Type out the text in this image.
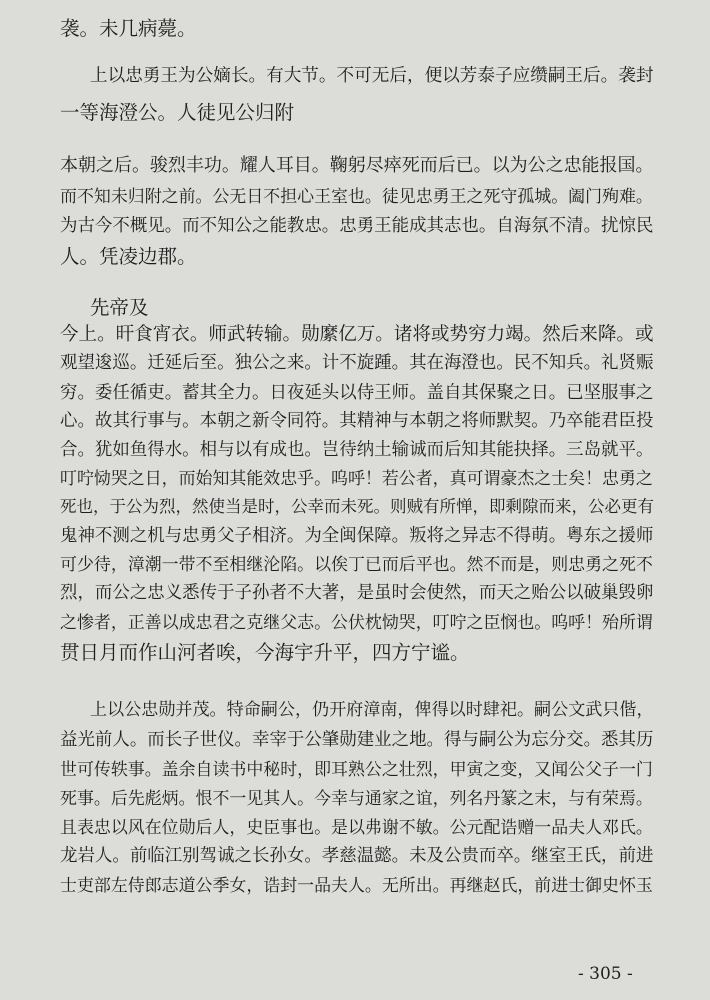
袭。未几病薨。
上以忠勇王为公嫡长。有大节。不可无后，便以芳泰子应缵嗣王后。袭封
一等海澄公。人徒见公归附
本朝之后。骏烈丰功。耀人耳目。鞠躬尽瘁死而后已。以为公之忠能报国。
而不知未归附之前。公无日不担心王室也。徒见忠勇王之死守孤城。阖门殉难。
为古今不概见。而不知公之能教忠。忠勇王能成其志也。自海氛不清。扰惊民
人。凭凌边郡。
先帝及
今上。旰食宵衣。师武转输。勋縻亿万。诸将或势穷力竭。然后来降。或
观望逡巡。迁延后至。独公之来。计不旋踵。其在海澄也。民不知兵。礼贤赈
穷。委任循吏。蓄其全力。日夜延头以侍王师。盖自其保聚之日。已坚服事之
心。故其行事与。本朝之新令同符。其精神与本朝之将师默契。乃卒能君臣投
合。犹如鱼得水。相与以有成也。岂待纳土输诚而后知其能抉择。三岛就平。
叮咛恸哭之日，而始知其能效忠乎。呜呼！若公者，真可谓豪杰之士矣！忠勇之
死也，于公为烈，然使当是时，公幸而未死。则贼有所惮，即剩隙而来，公必更有
鬼神不测之机与忠勇父子相济。为全闽保障。叛将之异志不得萌。粤东之援师
可少待，漳潮一带不至相继沦陷。以俟丁已而后平也。然不而是，则忠勇之死不
烈，而公之忠义悉传于子孙者不大著，是虽时会使然，而天之贻公以破巢毁卵
之惨者，正善以成忠君之克继父志。公伏枕恸哭，叮咛之臣悯也。呜呼！殆所谓
贯日月而作山河者唉，今海宇升平，四方宁谧。
上以公忠勋并茂。特命嗣公，仍开府漳南，俾得以时肆祀。嗣公文武只偕，
益光前人。而长子世仪。幸宰于公肇勋建业之地。得与嗣公为忘分交。悉其历
世可传轶事。盖余自读书中秘时，即耳熟公之壮烈，甲寅之变，又闻公父子一门
死事。后先彪炳。恨不一见其人。今幸与通家之谊，列名丹篆之末，与有荣焉。
且表忠以风在位勋后人，史臣事也。是以弗谢不敏。公元配诰赠一品夫人邓氏。
龙岩人。前临江别驾诚之长孙女。孝慈温懿。未及公贵而卒。继室王氏，前进
士吏部左侍郎志道公季女，诰封一品夫人。无所出。再继赵氏，前进士御史怀玉
- 305 -
